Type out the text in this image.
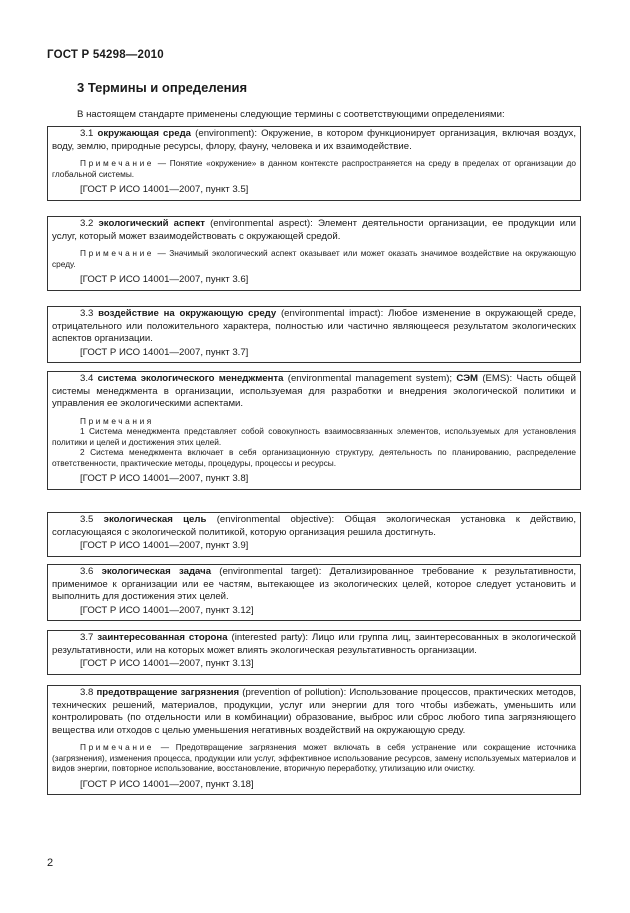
ГОСТ Р 54298—2010
3 Термины и определения
В настоящем стандарте применены следующие термины с соответствующими определениями:

3.1 окружающая среда (environment): Окружение, в котором функционирует организация, включая воздух, воду, землю, природные ресурсы, флору, фауну, человека и их взаимодействие.

Примечание — Понятие «окружение» в данном контексте распространяется на среду в пределах от организации до глобальной системы.

[ГОСТ Р ИСО 14001—2007, пункт 3.5]

3.2 экологический аспект (environmental aspect): Элемент деятельности организации, ее продукции или услуг, который может взаимодействовать с окружающей средой.

Примечание — Значимый экологический аспект оказывает или может оказать значимое воздействие на окружающую среду.

[ГОСТ Р ИСО 14001—2007, пункт 3.6]

3.3 воздействие на окружающую среду (environmental impact): Любое изменение в окружающей среде, отрицательного или положительного характера, полностью или частично являющееся результатом экологических аспектов организации.

[ГОСТ Р ИСО 14001—2007, пункт 3.7]

3.4 система экологического менеджмента (environmental management system); СЭМ (EMS): Часть общей системы менеджмента в организации, используемая для разработки и внедрения экологической политики и управления ее экологическими аспектами.

Примечания

1 Система менеджмента представляет собой совокупность взаимосвязанных элементов, используемых для установления политики и целей и достижения этих целей.

2 Система менеджмента включает в себя организационную структуру, деятельность по планированию, распределение ответственности, практические методы, процедуры, процессы и ресурсы.

[ГОСТ Р ИСО 14001—2007, пункт 3.8]

3.5 экологическая цель (environmental objective): Общая экологическая установка к действию, согласующаяся с экологической политикой, которую организация решила достигнуть.

[ГОСТ Р ИСО 14001—2007, пункт 3.9]

3.6 экологическая задача (environmental target): Детализированное требование к результативности, применимое к организации или ее частям, вытекающее из экологических целей, которое следует установить и выполнить для достижения этих целей.

[ГОСТ Р ИСО 14001—2007, пункт 3.12]

3.7 заинтересованная сторона (interested party): Лицо или группа лиц, заинтересованных в экологической результативности, или на которых может влиять экологическая результативность организации.

[ГОСТ Р ИСО 14001—2007, пункт 3.13]

3.8 предотвращение загрязнения (prevention of pollution): Использование процессов, практических методов, технических решений, материалов, продукции, услуг или энергии для того чтобы избежать, уменьшить или контролировать (по отдельности или в комбинации) образование, выброс или сброс любого типа загрязняющего вещества или отходов с целью уменьшения негативных воздействий на окружающую среду.

Примечание — Предотвращение загрязнения может включать в себя устранение или сокращение источника (загрязнения), изменения процесса, продукции или услуг, эффективное использование ресурсов, замену используемых материалов и видов энергии, повторное использование, восстановление, вторичную переработку, утилизацию или очистку.

[ГОСТ Р ИСО 14001—2007, пункт 3.18]

2
